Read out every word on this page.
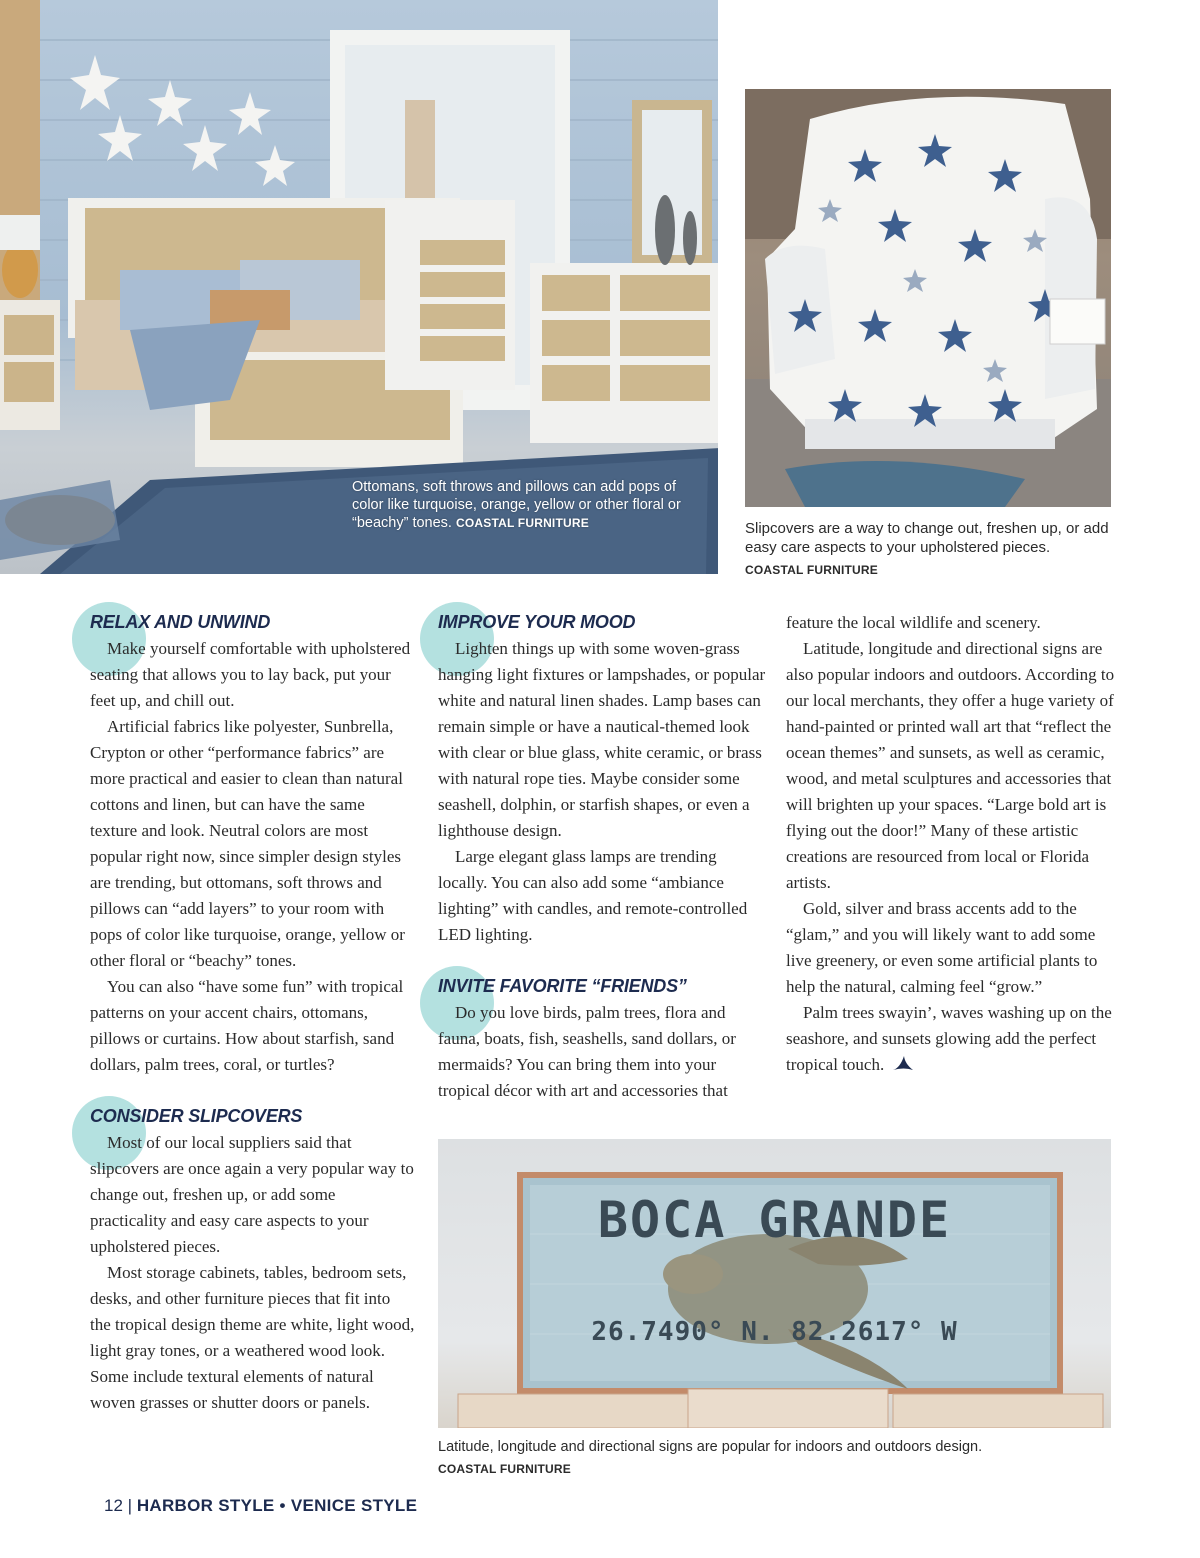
Ottomans, soft throws and pillows can add pops of color like turquoise, orange, yellow or other floral or “beachy” tones. COASTAL FURNITURE	Slipcovers are a way to change out, freshen up, or add easy care aspects to your upholstered pieces.
COASTAL FURNITURE
RELAX AND UNWIND

Make yourself comfortable with upholstered seating that allows you to lay back, put your feet up, and chill out.

Artificial fabrics like polyester, Sunbrella, Crypton or other “performance fabrics” are more practical and easier to clean than natural cottons and linen, but can have the same texture and look. Neutral colors are most popular right now, since simpler design styles are trending, but ottomans, soft throws and pillows can “add layers” to your room with pops of color like turquoise, orange, yellow or other floral or “beachy” tones.

You can also “have some fun” with tropical patterns on your accent chairs, ottomans, pillows or curtains. How about starfish, sand dollars, palm trees, coral, or turtles?

CONSIDER SLIPCOVERS

Most of our local suppliers said that slipcovers are once again a very popular way to change out, freshen up, or add some practicality and easy care aspects to your upholstered pieces.

Most storage cabinets, tables, bedroom sets, desks, and other furniture pieces that fit into the tropical design theme are white, light wood, light gray tones, or a weathered wood look. Some include textural elements of natural woven grasses or shutter doors or panels.

IMPROVE YOUR MOOD

Lighten things up with some woven-grass hanging light fixtures or lampshades, or popular white and natural linen shades. Lamp bases can remain simple or have a nautical-themed look with clear or blue glass, white ceramic, or brass with natural rope ties. Maybe consider some seashell, dolphin, or starfish shapes, or even a lighthouse design.

Large elegant glass lamps are trending locally. You can also add some “ambiance lighting” with candles, and remote-controlled LED lighting.

INVITE FAVORITE “FRIENDS”

Do you love birds, palm trees, flora and fauna, boats, fish, seashells, sand dollars, or mermaids? You can bring them into your tropical décor with art and accessories that

feature the local wildlife and scenery.

Latitude, longitude and directional signs are also popular indoors and outdoors. According to our local merchants, they offer a huge variety of hand-painted or printed wall art that “reflect the ocean themes” and sunsets, as well as ceramic, wood, and metal sculptures and accessories that will brighten up your spaces. “Large bold art is flying out the door!” Many of these artistic creations are resourced from local or Florida artists.

Gold, silver and brass accents add to the “glam,” and you will likely want to add some live greenery, or even some artificial plants to help the natural, calming feel “grow.”

Palm trees swayin’, waves washing up on the seashore, and sunsets glowing add the perfect tropical touch.

BOCA GRANDE
26.7490° N. 82.2617° W
Latitude, longitude and directional signs are popular for indoors and outdoors design.
COASTAL FURNITURE
12 | HARBOR STYLE • VENICE STYLE
